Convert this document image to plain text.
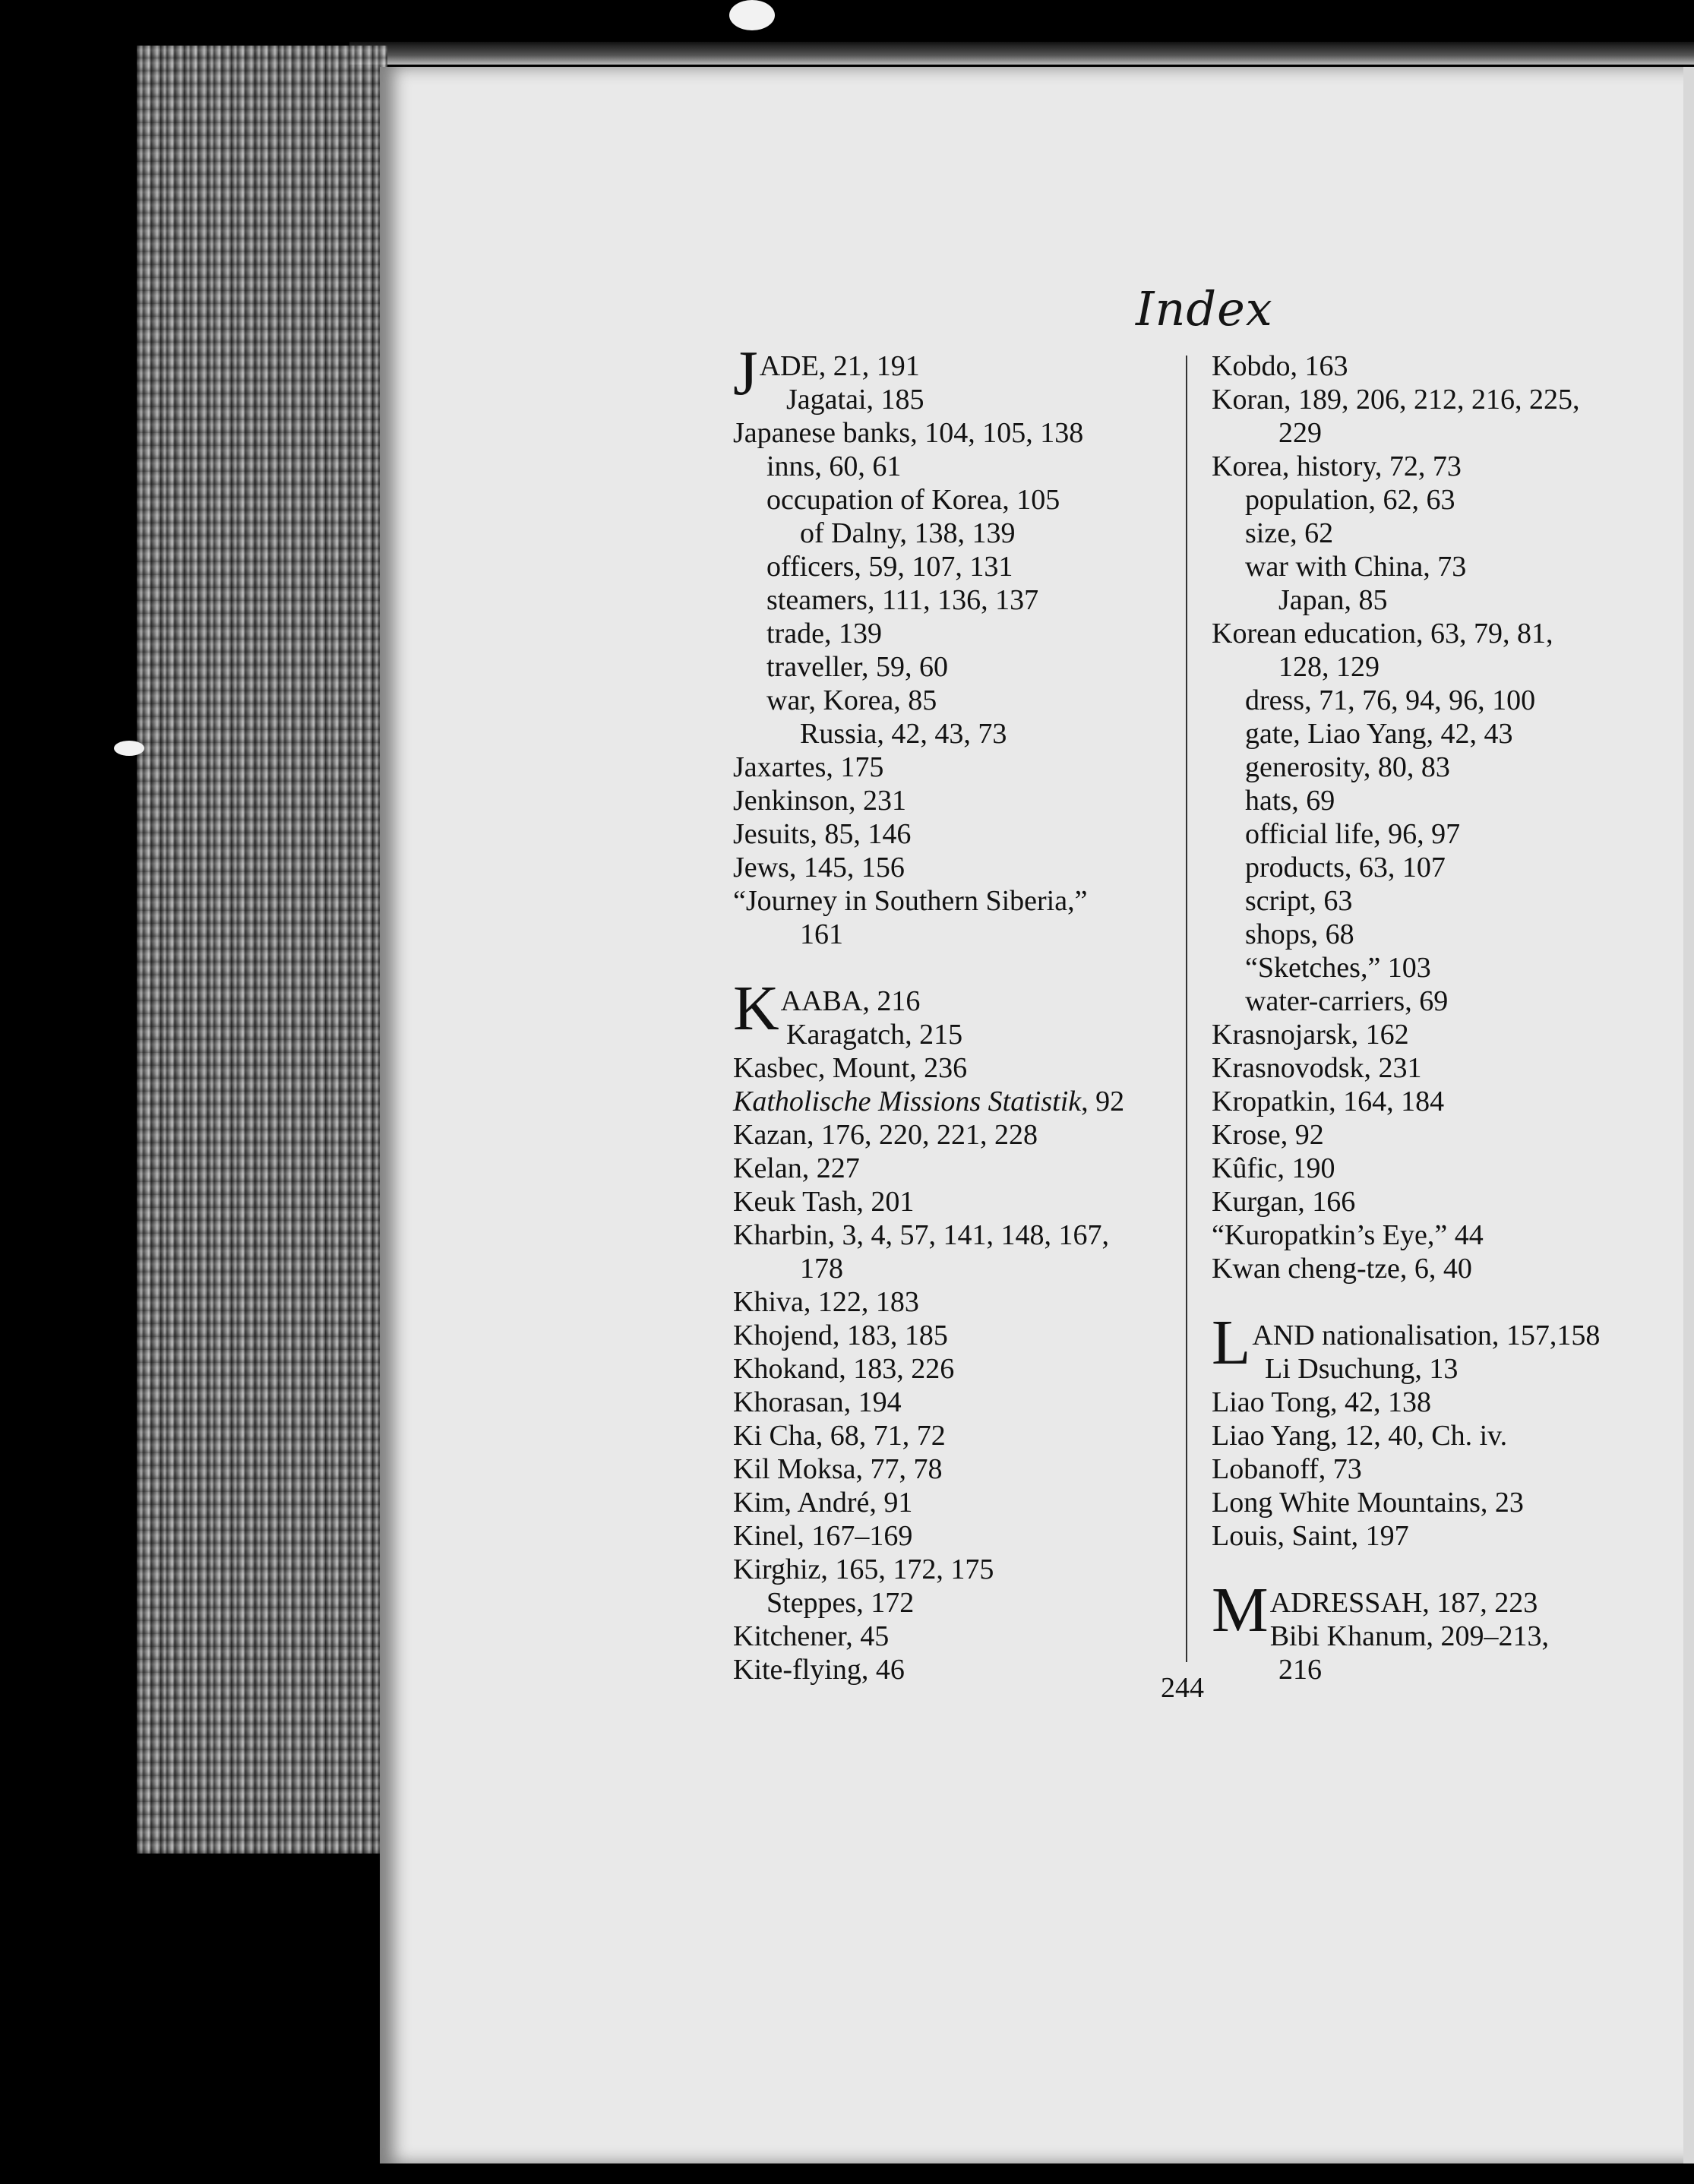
Index
J ADE, 21, 191
Jagatai, 185
Japanese banks, 104, 105, 138
inns, 60, 61
occupation of Korea, 105
of Dalny, 138, 139
officers, 59, 107, 131
steamers, 111, 136, 137
trade, 139
traveller, 59, 60
war, Korea, 85
Russia, 42, 43, 73
Jaxartes, 175
Jenkinson, 231
Jesuits, 85, 146
Jews, 145, 156
“Journey in Southern Siberia,”
161
K AABA, 216
Karagatch, 215
Kasbec, Mount, 236
Katholische Missions Statistik, 92
Kazan, 176, 220, 221, 228
Kelan, 227
Keuk Tash, 201
Kharbin, 3, 4, 57, 141, 148, 167,
178
Khiva, 122, 183
Khojend, 183, 185
Khokand, 183, 226
Khorasan, 194
Ki Cha, 68, 71, 72
Kil Moksa, 77, 78
Kim, André, 91
Kinel, 167–169
Kirghiz, 165, 172, 175
Steppes, 172
Kitchener, 45
Kite-flying, 46
Kobdo, 163
Koran, 189, 206, 212, 216, 225,
229
Korea, history, 72, 73
population, 62, 63
size, 62
war with China, 73
Japan, 85
Korean education, 63, 79, 81,
128, 129
dress, 71, 76, 94, 96, 100
gate, Liao Yang, 42, 43
generosity, 80, 83
hats, 69
official life, 96, 97
products, 63, 107
script, 63
shops, 68
“Sketches,” 103
water-carriers, 69
Krasnojarsk, 162
Krasnovodsk, 231
Kropatkin, 164, 184
Krose, 92
Kûfic, 190
Kurgan, 166
“Kuropatkin’s Eye,” 44
Kwan cheng-tze, 6, 40
L AND nationalisation, 157,158
Li Dsuchung, 13
Liao Tong, 42, 138
Liao Yang, 12, 40, Ch. iv.
Lobanoff, 73
Long White Mountains, 23
Louis, Saint, 197
M ADRESSAH, 187, 223
Bibi Khanum, 209–213,
216
244
